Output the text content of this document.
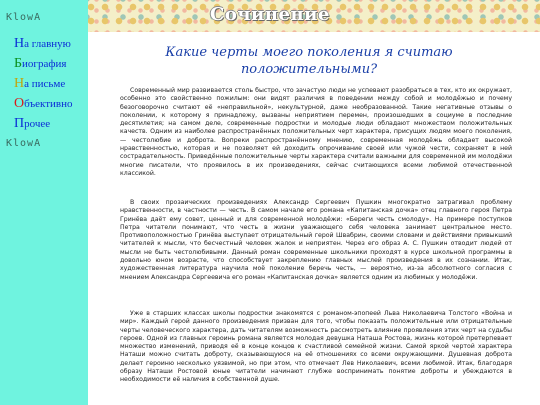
Сочинение
KlowA
На главную
Биография
На письме
Объективно
Прочее
KlowA
Какие черты моего поколения я считаю положительными?

Современный мир развивается столь быстро, что зачастую люди не успевают разобраться в тех, кто их окружает, особенно это свойственно пожилым: они видят различия в поведении между собой и молодёжью и почему безоговорочно считают её «неправильной», некультурной, даже необразованной. Такие негативные отзывы о поколении, к которому я принадлежу, вызваны неприятием перемен, произошедших в социуме в последние десятилетия; на самом деле, современные подростки и молодые люди обладают множеством положительных качеств. Одним из наиболее распространённых положительных черт характера, присущих людям моего поколения, — честолюбие и доброта. Вопреки распространённому мнению, современная молодёжь обладает высокой нравственностью, которая и не позволяет ей доходить опрочивание своей или чужой чести, сохраняет в ней сострадательность. Приведённые положительные черты характера считали важными для современной им молодёжи многие писатели, что проявилось в их произведениях, сейчас считающихся всеми любимой отечественной классикой.

В своих прозаических произведениях Александр Сергеевич Пушкин многократно затрагивал проблему нравственности, в частности — честь. В самом начале его романа «Капитанская дочка» отец главного героя Петра Гринёва даёт ему совет, ценный и для современной молодёжи: «Береги честь смолоду». На примере поступков Петра читатели понимают, что честь в жизни уважающего себя человека занимает центральное место. Противоположностью Гринёва выступает отрицательный герой Швабрин, своими словами и действиями привыкший читателей к мысли, что бесчестный человек жалок и неприятен. Через его образ А. С. Пушкин отводит людей от мысли не быть честолюбивыми. Данный роман современные школьники проходят в курсе школьной программы в довольно юном возрасте, что способствует закреплению главных мыслей произведения в их сознании. Итак, художественная литература научила моё поколение беречь честь, — вероятно, из-за абсолютного согласия с мнением Александра Сергеевича его роман «Капитанская дочка» является одним из любимых у молодёжи.

Уже в старших классах школы подростки знакомятся с романом-эпопеей Льва Николаевича Толстого «Война и мир». Каждый герой данного произведения призван для того, чтобы показать положительные или отрицательные черты человеческого характера, дать читателям возможность рассмотреть влияние проявления этих черт на судьбы героев. Одной из главных героинь романа является молодая девушка Наташа Ростова, жизнь которой претерпевает множество изменений, приводя её в конце концов к счастливой семейной жизни. Самой яркой чертой характера Наташи можно считать доброту, сказывающуюся на её отношениях со всеми окружающими. Душевная доброта делает героиню несколько уязвимой, но при этом, что отмечает Лев Николаевич, всеми любимой. Итак, благодаря образу Наташи Ростовой юные читатели начинают глубже воспринимать понятие доброты и убеждаются в необходимости её наличия в собственной душе.
